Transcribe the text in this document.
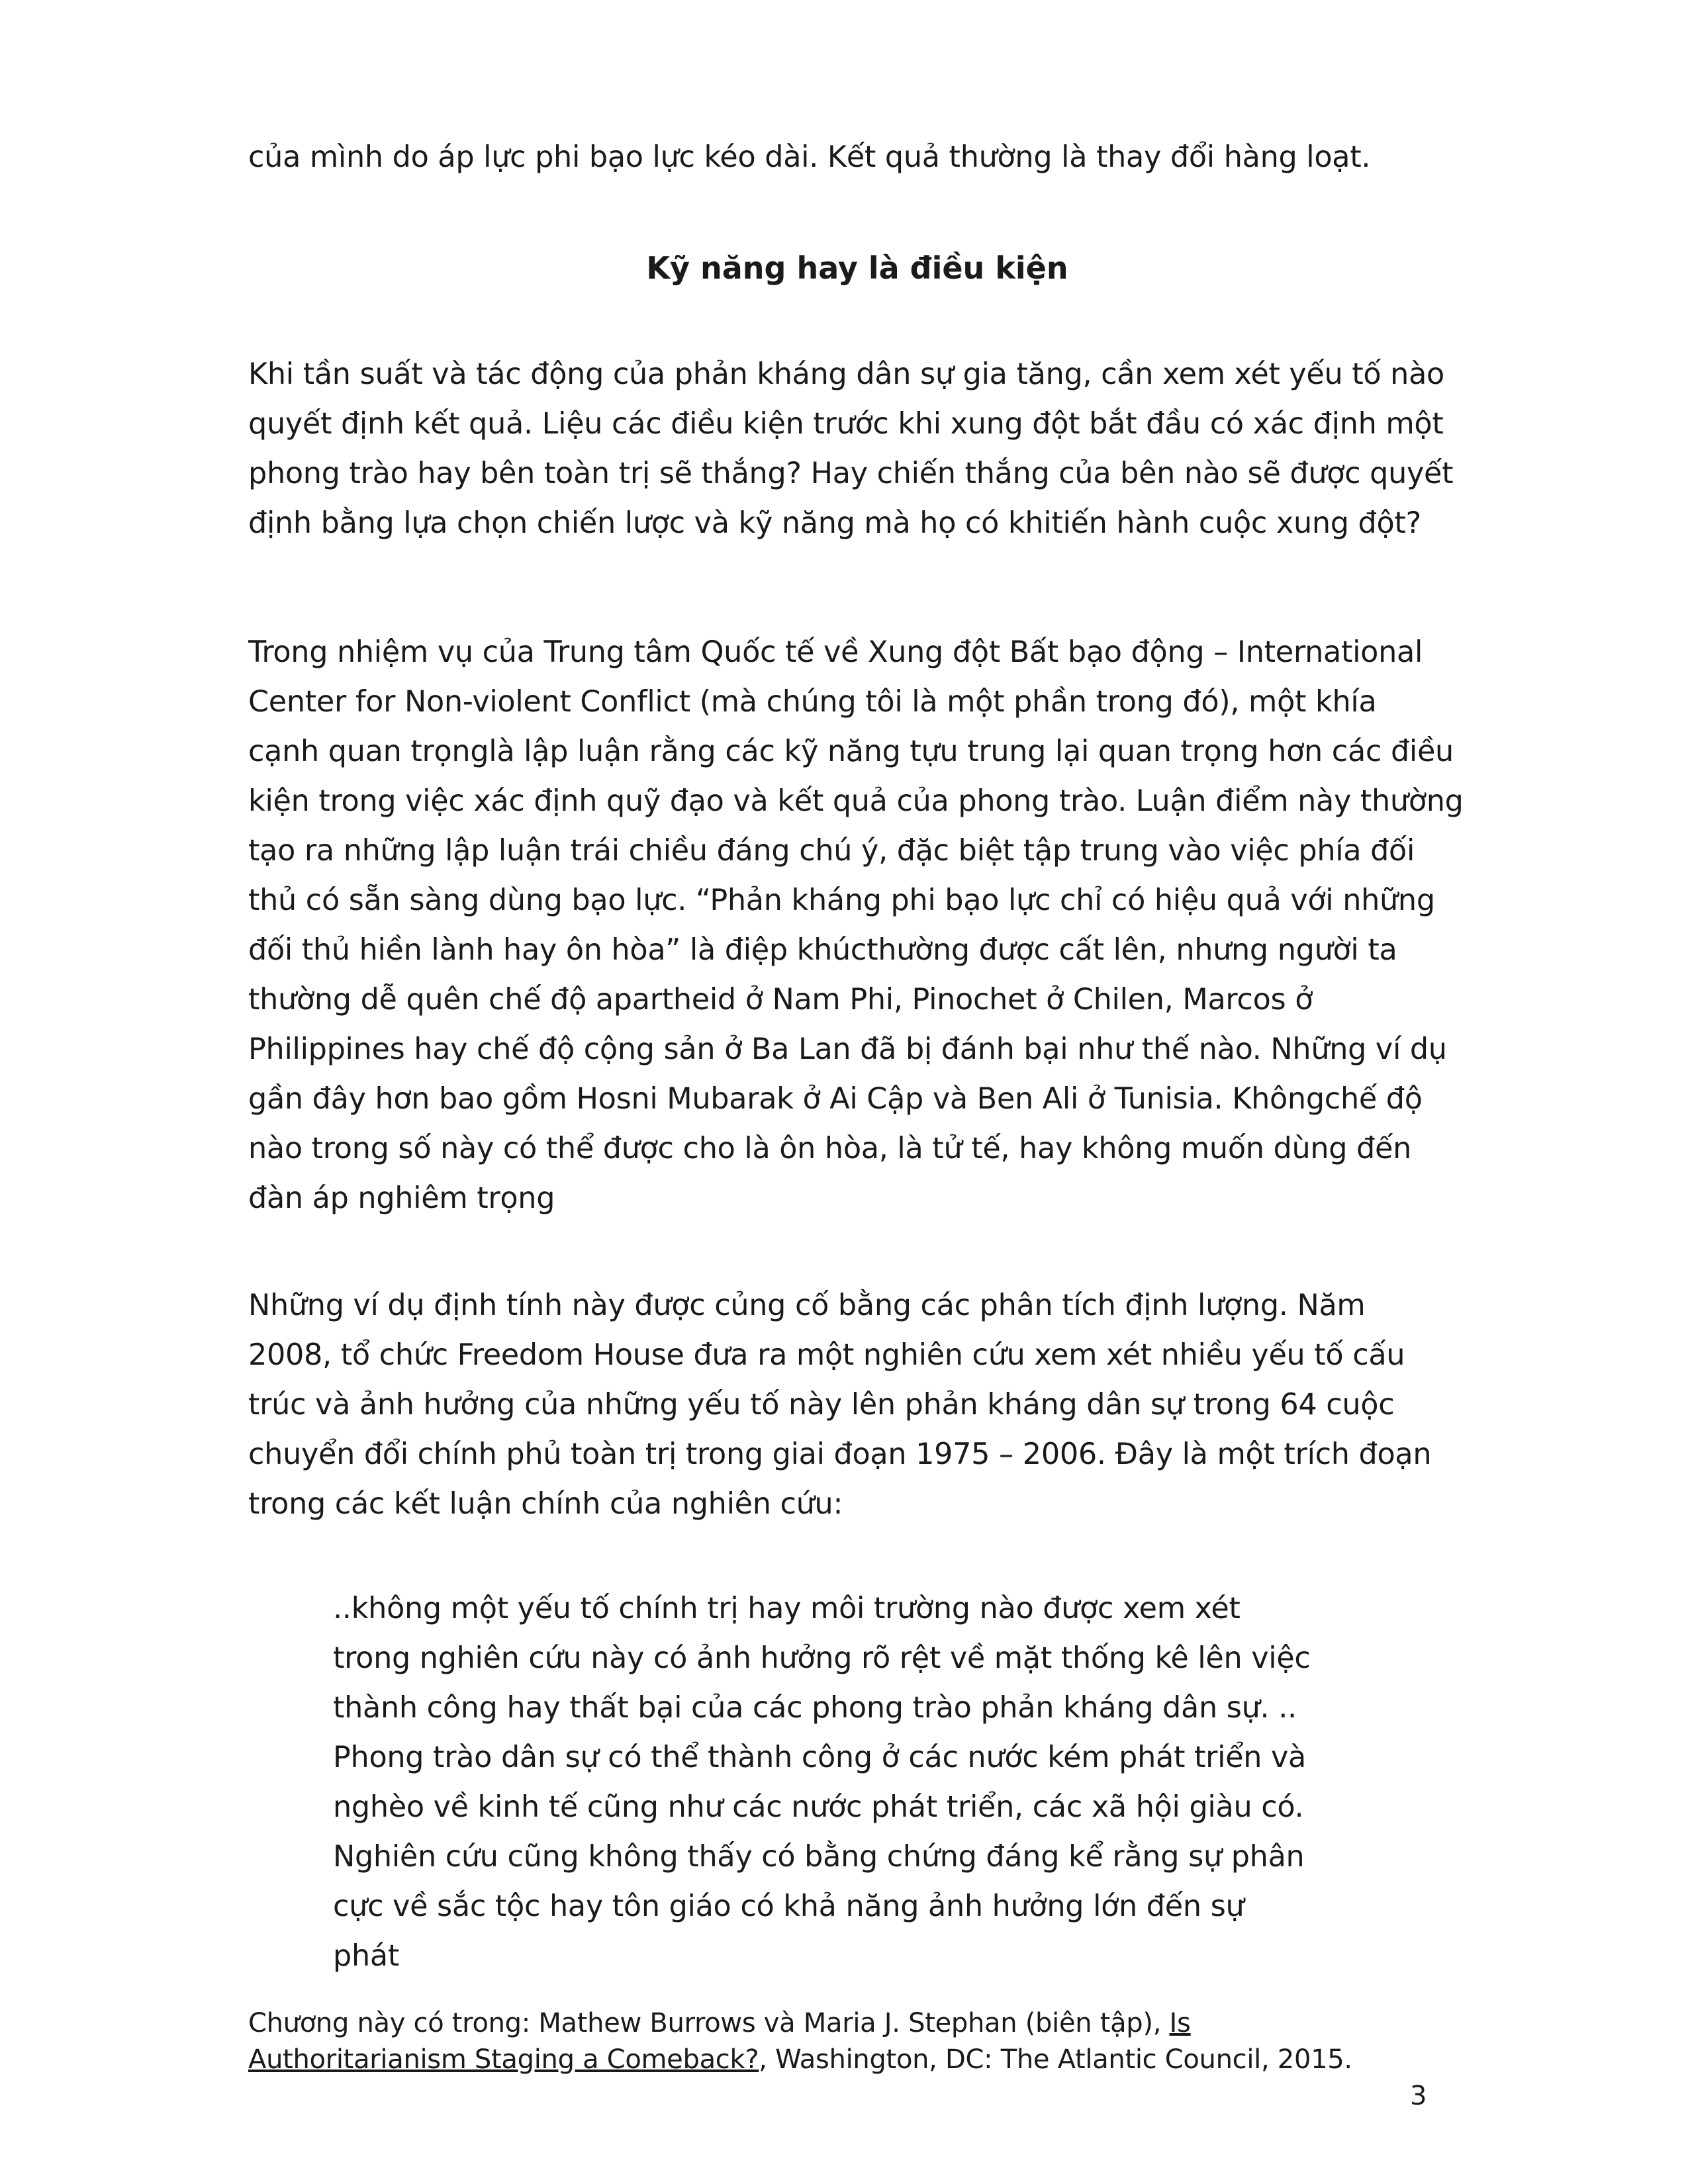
của mình do áp lực phi bạo lực kéo dài. Kết quả thường là thay đổi hàng loạt.

Kỹ năng hay là điều kiện

Khi tần suất và tác động của phản kháng dân sự gia tăng, cần xem xét yếu tố nào
quyết định kết quả. Liệu các điều kiện trước khi xung đột bắt đầu có xác định một
phong trào hay bên toàn trị sẽ thắng? Hay chiến thắng của bên nào sẽ được quyết
định bằng lựa chọn chiến lược và kỹ năng mà họ có khitiến hành cuộc xung đột?

Trong nhiệm vụ của Trung tâm Quốc tế về Xung đột Bất bạo động – International
Center for Non-violent Conflict (mà chúng tôi là một phần trong đó), một khía
cạnh quan trọnglà lập luận rằng các kỹ năng tựu trung lại quan trọng hơn các điều
kiện trong việc xác định quỹ đạo và kết quả của phong trào. Luận điểm này thường
tạo ra những lập luận trái chiều đáng chú ý, đặc biệt tập trung vào việc phía đối
thủ có sẵn sàng dùng bạo lực. “Phản kháng phi bạo lực chỉ có hiệu quả với những
đối thủ hiền lành hay ôn hòa” là điệp khúcthường được cất lên, nhưng người ta
thường dễ quên chế độ apartheid ở Nam Phi, Pinochet ở Chilen, Marcos ở
Philippines hay chế độ cộng sản ở Ba Lan đã bị đánh bại như thế nào. Những ví dụ
gần đây hơn bao gồm Hosni Mubarak ở Ai Cập và Ben Ali ở Tunisia. Khôngchế độ
nào trong số này có thể được cho là ôn hòa, là tử tế, hay không muốn dùng đến
đàn áp nghiêm trọng

Những ví dụ định tính này được củng cố bằng các phân tích định lượng. Năm
2008, tổ chức Freedom House đưa ra một nghiên cứu xem xét nhiều yếu tố cấu
trúc và ảnh hưởng của những yếu tố này lên phản kháng dân sự trong 64 cuộc
chuyển đổi chính phủ toàn trị trong giai đoạn 1975 – 2006. Đây là một trích đoạn
trong các kết luận chính của nghiên cứu:

..không một yếu tố chính trị hay môi trường nào được xem xét
trong nghiên cứu này có ảnh hưởng rõ rệt về mặt thống kê lên việc
thành công hay thất bại của các phong trào phản kháng dân sự. ..
Phong trào dân sự có thể thành công ở các nước kém phát triển và
nghèo về kinh tế cũng như các nước phát triển, các xã hội giàu có.
Nghiên cứu cũng không thấy có bằng chứng đáng kể rằng sự phân
cực về sắc tộc hay tôn giáo có khả năng ảnh hưởng lớn đến sự phát

Chương này có trong: Mathew Burrows và Maria J. Stephan (biên tập), Is
Authoritarianism Staging a Comeback?, Washington, DC: The Atlantic Council, 2015.

3
